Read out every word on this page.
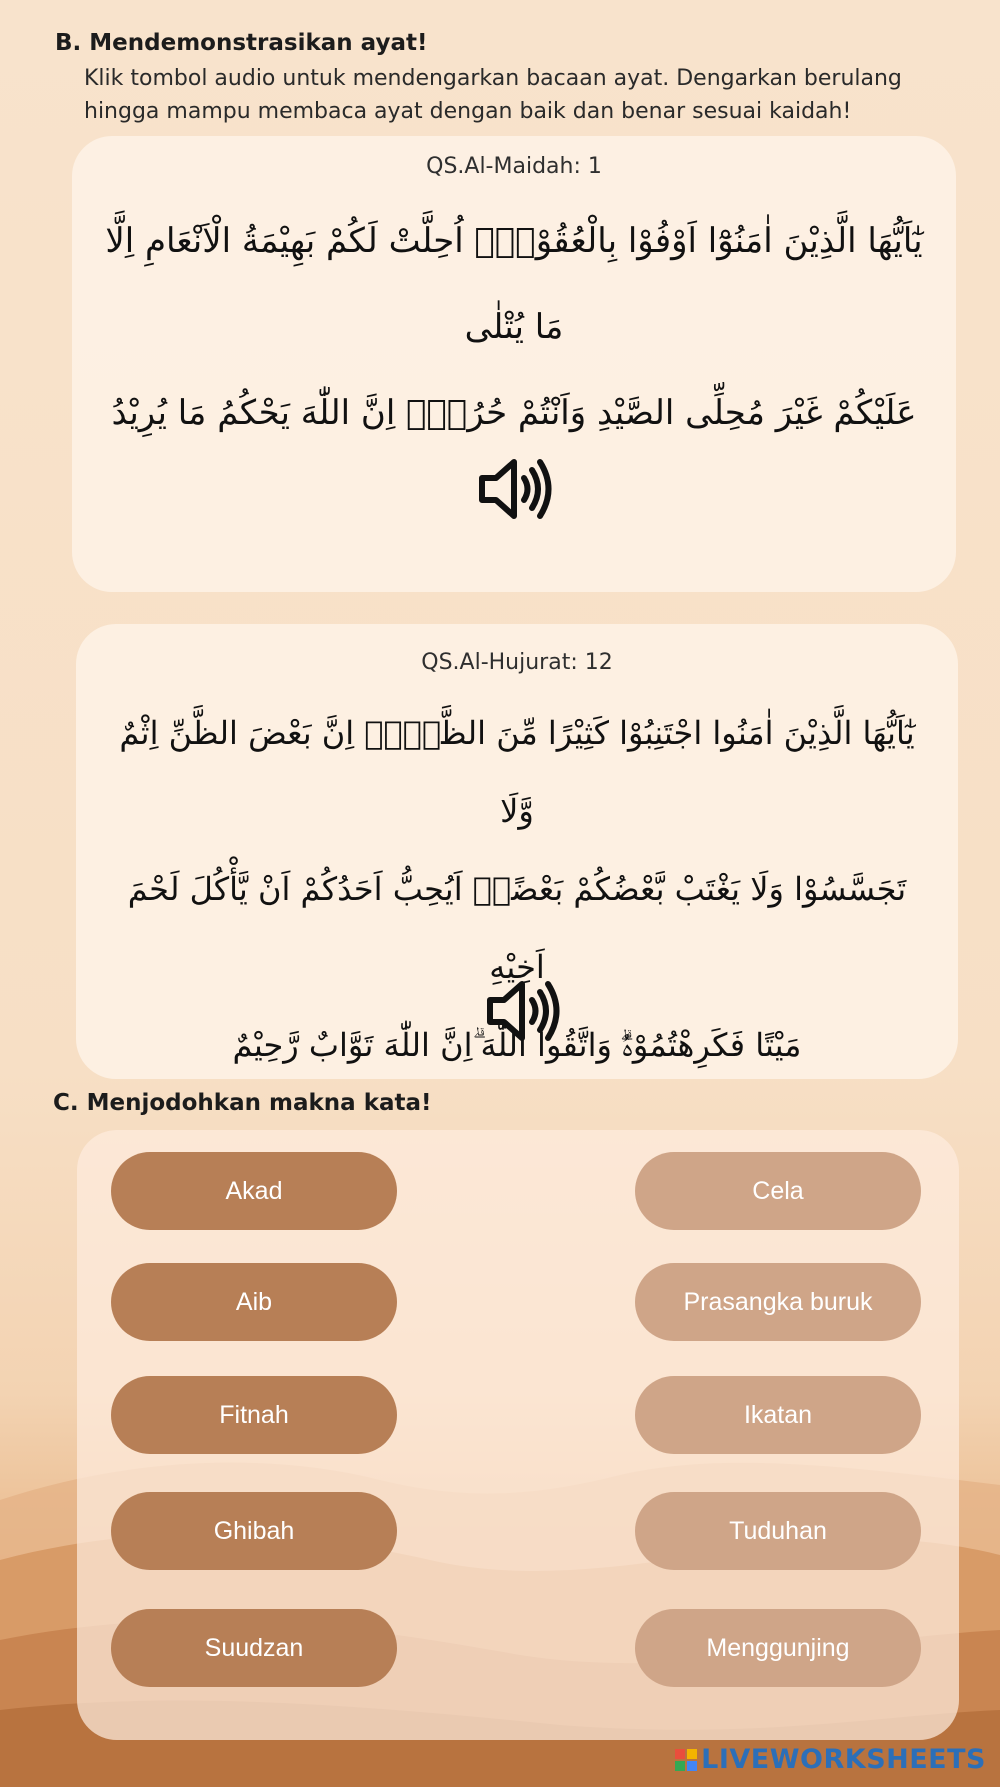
B. Mendemonstrasikan ayat!
Klik tombol audio untuk mendengarkan bacaan ayat. Dengarkan berulang hingga mampu membaca ayat dengan baik dan benar sesuai kaidah!
QS.Al-Maidah: 1
يٰٓاَيُّهَا الَّذِيْنَ اٰمَنُوْٓا اَوْفُوْا بِالْعُقُوْدِۗ اُحِلَّتْ لَكُمْ بَهِيْمَةُ الْاَنْعَامِ اِلَّا مَا يُتْلٰى
عَلَيْكُمْ غَيْرَ مُحِلِّى الصَّيْدِ وَاَنْتُمْ حُرُمٌۗ اِنَّ اللّٰهَ يَحْكُمُ مَا يُرِيْدُ
QS.Al-Hujurat: 12
يٰٓاَيُّهَا الَّذِيْنَ اٰمَنُوا اجْتَنِبُوْا كَثِيْرًا مِّنَ الظَّنِّۖ اِنَّ بَعْضَ الظَّنِّ اِثْمٌ وَّلَا
تَجَسَّسُوْا وَلَا يَغْتَبْ بَّعْضُكُمْ بَعْضًاۗ اَيُحِبُّ اَحَدُكُمْ اَنْ يَّأْكُلَ لَحْمَ اَخِيْهِ
مَيْتًا فَكَرِهْتُمُوْهُۗ وَاتَّقُوا اللّٰهَ ۗاِنَّ اللّٰهَ تَوَّابٌ رَّحِيْمٌ
C. Menjodohkan makna kata!
Akad
Aib
Fitnah
Ghibah
Suudzan
Cela
Prasangka buruk
Ikatan
Tuduhan
Menggunjing
LIVEWORKSHEETS
